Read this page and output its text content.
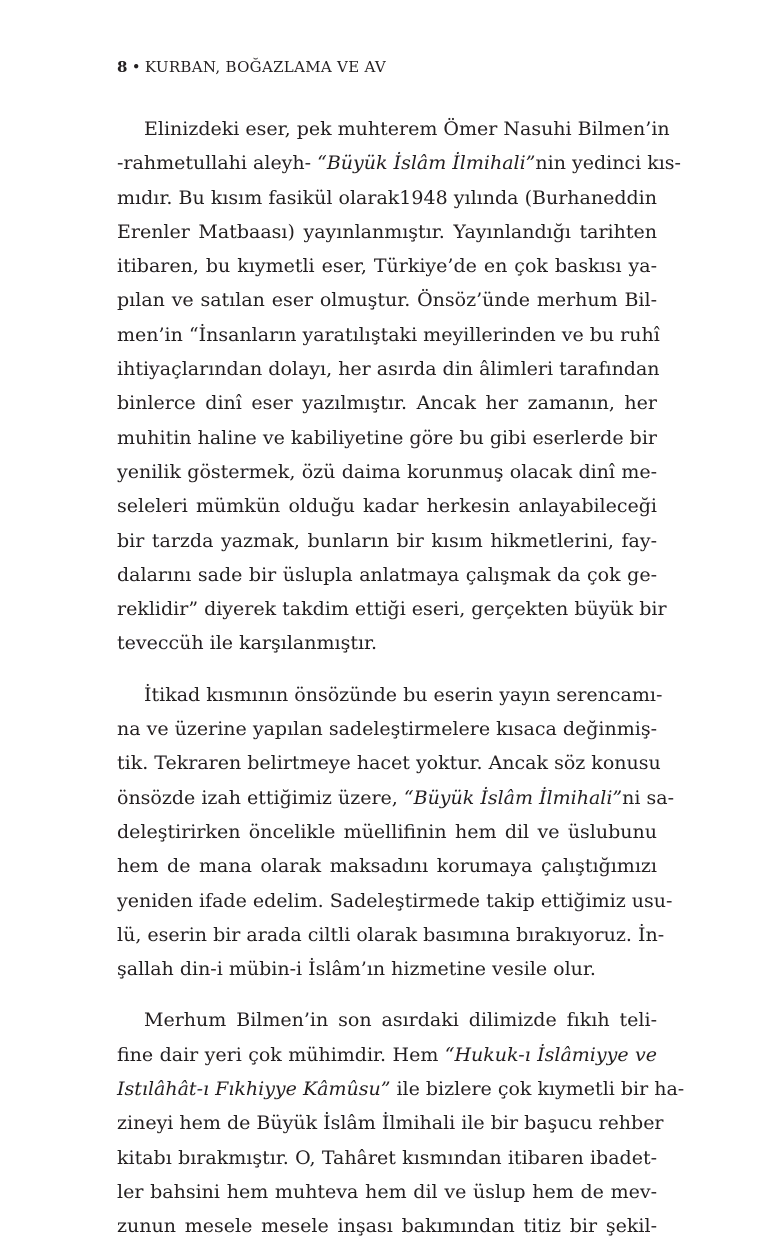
8 • KURBAN, BOĞAZLAMA VE AV
Elinizdeki eser, pek muhterem Ömer Nasuhi Bilmen’in
-rahmetullahi aleyh- “Büyük İslâm İlmihali”nin yedinci kıs-
mıdır. Bu kısım fasikül olarak1948 yılında (Burhaneddin
Erenler Matbaası) yayınlanmıştır. Yayınlandığı tarihten
itibaren, bu kıymetli eser, Türkiye’de en çok baskısı ya-
pılan ve satılan eser olmuştur. Önsöz’ünde merhum Bil-
men’in “İnsanların yaratılıştaki meyillerinden ve bu ruhî
ihtiyaçlarından dolayı, her asırda din âlimleri tarafından
binlerce dinî eser yazılmıştır. Ancak her zamanın, her
muhitin haline ve kabiliyetine göre bu gibi eserlerde bir
yenilik göstermek, özü daima korunmuş olacak dinî me-
seleleri mümkün olduğu kadar herkesin anlayabileceği
bir tarzda yazmak, bunların bir kısım hikmetlerini, fay-
dalarını sade bir üslupla anlatmaya çalışmak da çok ge-
reklidir” diyerek takdim ettiği eseri, gerçekten büyük bir
teveccüh ile karşılanmıştır.
İtikad kısmının önsözünde bu eserin yayın serencamı-
na ve üzerine yapılan sadeleştirmelere kısaca değinmiş-
tik. Tekraren belirtmeye hacet yoktur. Ancak söz konusu
önsözde izah ettiğimiz üzere, “Büyük İslâm İlmihali”ni sa-
deleştirirken öncelikle müellifinin hem dil ve üslubunu
hem de mana olarak maksadını korumaya çalıştığımızı
yeniden ifade edelim. Sadeleştirmede takip ettiğimiz usu-
lü, eserin bir arada ciltli olarak basımına bırakıyoruz. İn-
şallah din-i mübin-i İslâm’ın hizmetine vesile olur.
Merhum Bilmen’in son asırdaki dilimizde fıkıh teli-
fine dair yeri çok mühimdir. Hem “Hukuk-ı İslâmiyye ve
Istılâhât-ı Fıkhiyye Kâmûsu” ile bizlere çok kıymetli bir ha-
zineyi hem de Büyük İslâm İlmihali ile bir başucu rehber
kitabı bırakmıştır. O, Tahâret kısmından itibaren ibadet-
ler bahsini hem muhteva hem dil ve üslup hem de mev-
zunun mesele mesele inşası bakımından titiz bir şekil-
